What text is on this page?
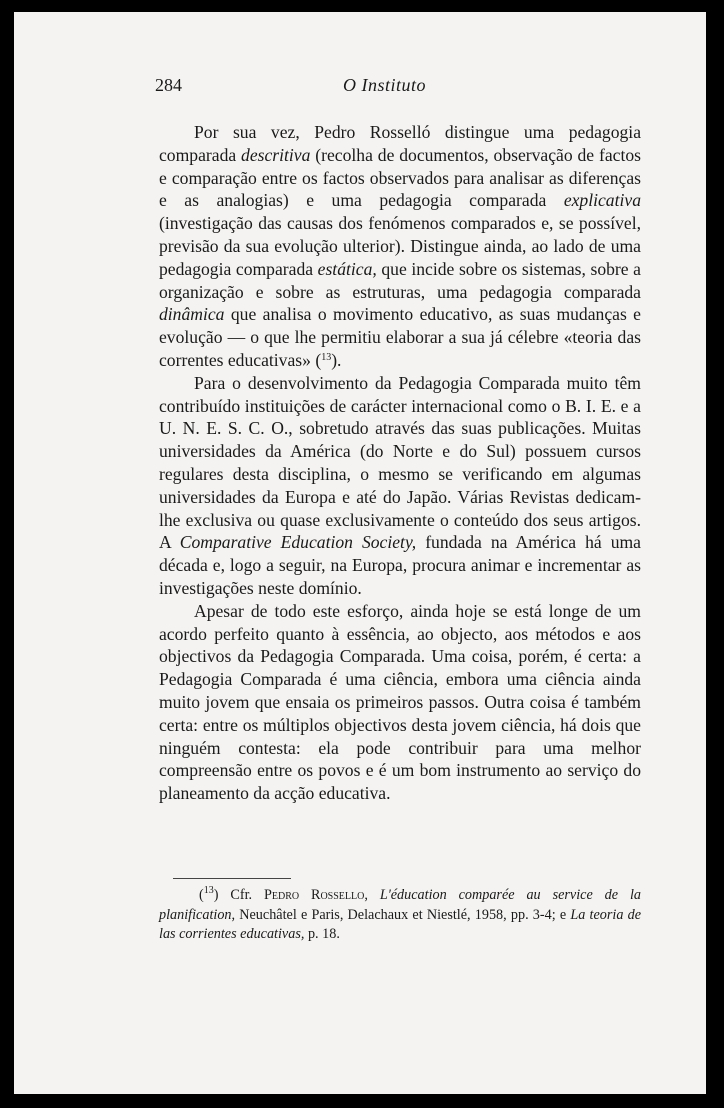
284	O Instituto

Por sua vez, Pedro Rosselló distingue uma pedagogia comparada descritiva (recolha de documentos, observação de factos e comparação entre os factos observados para analisar as diferenças e as analogias) e uma pedagogia comparada explicativa (investigação das causas dos fenómenos comparados e, se possível, previsão da sua evolução ulterior). Distingue ainda, ao lado de uma pedagogia comparada estática, que incide sobre os sistemas, sobre a organização e sobre as estruturas, uma pedagogia comparada dinâmica que analisa o movimento educativo, as suas mudanças e evolução — o que lhe permitiu elaborar a sua já célebre «teoria das correntes educativas» ($^{13}$).

Para o desenvolvimento da Pedagogia Comparada muito têm contribuído instituições de carácter internacional como o B. I. E. e a U. N. E. S. C. O., sobretudo através das suas publicações. Muitas universidades da América (do Norte e do Sul) possuem cursos regulares desta disciplina, o mesmo se verificando em algumas universidades da Europa e até do Japão. Várias Revistas dedicam-lhe exclusiva ou quase exclusivamente o conteúdo dos seus artigos. A Comparative Education Society, fundada na América há uma década e, logo a seguir, na Europa, procura animar e incrementar as investigações neste domínio.

Apesar de todo este esforço, ainda hoje se está longe de um acordo perfeito quanto à essência, ao objecto, aos métodos e aos objectivos da Pedagogia Comparada. Uma coisa, porém, é certa: a Pedagogia Comparada é uma ciência, embora uma ciência ainda muito jovem que ensaia os primeiros passos. Outra coisa é também certa: entre os múltiplos objectivos desta jovem ciência, há dois que ninguém contesta: ela pode contribuir para uma melhor compreensão entre os povos e é um bom instrumento ao serviço do planeamento da acção educativa.

($^{13}$) Cfr. Pedro Rossello, L'éducation comparée au service de la planification, Neuchâtel e Paris, Delachaux et Niestlé, 1958, pp. 3-4; e La teoria de las corrientes educativas, p. 18.
